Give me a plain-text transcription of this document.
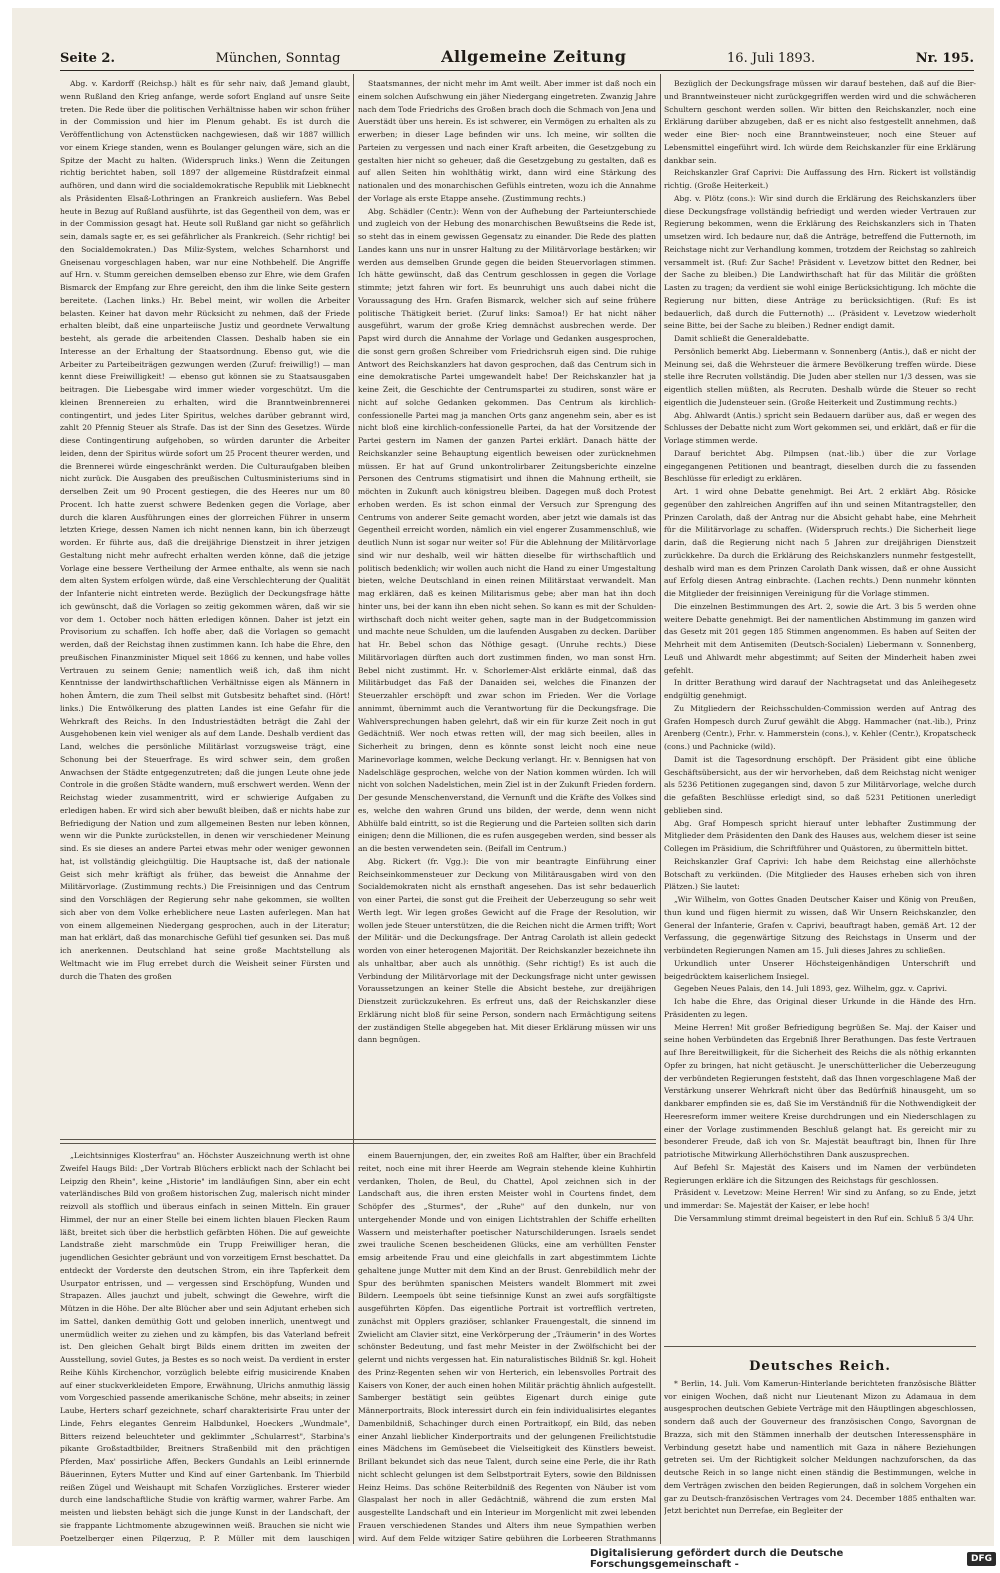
Seite 2.	München, Sonntag	Allgemeine Zeitung	16. Juli 1893.	Nr. 195.

Abg. v. Kardorff (Reichsp.) hält es für sehr naiv, daß Jemand glaubt, wenn Rußland den Krieg anfange, werde sofort England auf unsre Seite treten. Die Rede über die politischen Verhältnisse haben wir schon früher in der Commission und hier im Plenum gehabt. Es ist durch die Veröffentlichung von Actenstücken nachgewiesen, daß wir 1887 willlich vor einem Kriege standen, wenn es Boulanger gelungen wäre, sich an die Spitze der Macht zu halten. (Widerspruch links.) Wenn die Zeitungen richtig berichtet haben, soll 1897 der allgemeine Rüstdrafzeit einmal aufhören, und dann wird die socialdemokratische Republik mit Liebknecht als Präsidenten Elsaß-Lothringen an Frankreich ausliefern. Was Bebel heute in Bezug auf Rußland ausführte, ist das Gegentheil von dem, was er in der Commission gesagt hat. Heute soll Rußland gar nicht so gefährlich sein, damals sagte er, es sei gefährlicher als Frankreich. (Sehr richtig! bei den Socialdemokraten.) Das Miliz-System, welches Scharnhorst und Gneisenau vorgeschlagen haben, war nur eine Nothbehelf. Die Angriffe auf Hrn. v. Stumm gereichen demselben ebenso zur Ehre, wie dem Grafen Bismarck der Empfang zur Ehre gereicht, den ihm die linke Seite gestern bereitete. (Lachen links.) Hr. Bebel meint, wir wollen die Arbeiter belasten. Keiner hat davon mehr Rücksicht zu nehmen, daß der Friede erhalten bleibt, daß eine unparteiische Justiz und geordnete Verwaltung besteht, als gerade die arbeitenden Classen. Deshalb haben sie ein Interesse an der Erhaltung der Staatsordnung. Ebenso gut, wie die Arbeiter zu Parteibeiträgen gezwungen werden (Zuruf: freiwillig!) — man kennt diese Freiwilligkeit! — ebenso gut können sie zu Staatsausgaben beitragen. Die Liebesgabe wird immer wieder vorgeschützt. Um die kleinen Brennereien zu erhalten, wird die Branntweinbrennerei contingentirt, und jedes Liter Spiritus, welches darüber gebrannt wird, zahlt 20 Pfennig Steuer als Strafe. Das ist der Sinn des Gesetzes. Würde diese Contingentirung aufgehoben, so würden darunter die Arbeiter leiden, denn der Spiritus würde sofort um 25 Procent theurer werden, und die Brennerei würde eingeschränkt werden. Die Culturaufgaben bleiben nicht zurück. Die Ausgaben des preußischen Cultusministeriums sind in derselben Zeit um 90 Procent gestiegen, die des Heeres nur um 80 Procent. Ich hatte zuerst schwere Bedenken gegen die Vorlage, aber durch die klaren Ausführungen eines der glorreichen Führer in unserm letzten Kriege, dessen Namen ich nicht nennen kann, bin ich überzeugt worden. Er führte aus, daß die dreijährige Dienstzeit in ihrer jetzigen Gestaltung nicht mehr aufrecht erhalten werden könne, daß die jetzige Vorlage eine bessere Vertheilung der Armee enthalte, als wenn sie nach dem alten System erfolgen würde, daß eine Verschlechterung der Qualität der Infanterie nicht eintreten werde. Bezüglich der Deckungsfrage hätte ich gewünscht, daß die Vorlagen so zeitig gekommen wären, daß wir sie vor dem 1. October noch hätten erledigen können. Daher ist jetzt ein Provisorium zu schaffen. Ich hoffe aber, daß die Vorlagen so gemacht werden, daß der Reichstag ihnen zustimmen kann. Ich habe die Ehre, den preußischen Finanzminister Miquel seit 1866 zu kennen, und habe volles Vertrauen zu seinem Genie; namentlich weiß ich, daß ihm nicht Kenntnisse der landwirthschaftlichen Verhältnisse eigen als Männern in hohen Ämtern, die zum Theil selbst mit Gutsbesitz behaftet sind. (Hört! links.) Die Entwölkerung des platten Landes ist eine Gefahr für die Wehrkraft des Reichs. In den Industriestädten beträgt die Zahl der Ausgehobenen kein viel weniger als auf dem Lande. Deshalb verdient das Land, welches die persönliche Militärlast vorzugsweise trägt, eine Schonung bei der Steuerfrage. Es wird schwer sein, dem großen Anwachsen der Städte entgegenzutreten; daß die jungen Leute ohne jede Controle in die großen Städte wandern, muß erschwert werden. Wenn der Reichstag wieder zusammentritt, wird er schwierige Aufgaben zu erledigen haben. Er wird sich aber bewußt bleiben, daß er nichts habe zur Befriedigung der Nation und zum allgemeinen Besten nur leben können, wenn wir die Punkte zurückstellen, in denen wir verschiedener Meinung sind. Es sie dieses an andere Partei etwas mehr oder weniger gewonnen hat, ist vollständig gleichgültig. Die Hauptsache ist, daß der nationale Geist sich mehr kräftigt als früher, das beweist die Annahme der Militärvorlage. (Zustimmung rechts.) Die Freisinnigen und das Centrum sind den Vorschlägen der Regierung sehr nahe gekommen, sie wollten sich aber von dem Volke erheblichere neue Lasten auferlegen. Man hat von einem allgemeinen Niedergang gesprochen, auch in der Literatur; man hat erklärt, daß das monarchische Gefühl tief gesunken sei. Das muß ich anerkennen. Deutschland hat seine große Machtstellung als Weltmacht wie im Flug errebet durch die Weisheit seiner Fürsten und durch die Thaten des großen

Staatsmannes, der nicht mehr im Amt weilt. Aber immer ist daß noch ein einem solchen Aufschwung ein jäher Niedergang eingetreten. Zwanzig Jahre nach dem Tode Friedrichs des Großen brach doch die Schmach von Jena und Auerstädt über uns herein. Es ist schwerer, ein Vermögen zu erhalten als zu erwerben; in dieser Lage befinden wir uns. Ich meine, wir sollten die Parteien zu vergessen und nach einer Kraft arbeiten, die Gesetzgebung zu gestalten hier nicht so geheuer, daß die Gesetzgebung zu gestalten, daß es auf allen Seiten hin wohlthätig wirkt, dann wird eine Stärkung des nationalen und des monarchischen Gefühls eintreten, wozu ich die Annahme der Vorlage als erste Etappe ansehe. (Zustimmung rechts.)

Abg. Schädler (Centr.): Wenn von der Aufhebung der Parteiunterschiede und zugleich von der Hebung des monarchischen Bewußtseins die Rede ist, so steht das in einem gewissen Gegensatz zu einander. Die Rede des platten Landes kann uns nur in unsrer Haltung zu der Militärvorlage bestärken; wir werden aus demselben Grunde gegen die beiden Steuervorlagen stimmen. Ich hätte gewünscht, daß das Centrum geschlossen in gegen die Vorlage stimmte; jetzt fahren wir fort. Es beunruhigt uns auch dabei nicht die Voraussagung des Hrn. Grafen Bismarck, welcher sich auf seine frühere politische Thätigkeit beriet. (Zuruf links: Samoa!) Er hat nicht näher ausgeführt, warum der große Krieg demnächst ausbrechen werde. Der Papst wird durch die Annahme der Vorlage und Gedanken ausgesprochen, die sonst gern großen Schreiber vom Friedrichsruh eigen sind. Die ruhige Antwort des Reichskanzlers hat davon gesprochen, daß das Centrum sich in eine demokratische Partei umgewandelt habe! Der Reichskanzler hat ja keine Zeit, die Geschichte der Centrumspartei zu studiren, sonst wäre er nicht auf solche Gedanken gekommen. Das Centrum als kirchlich-confessionelle Partei mag ja manchen Orts ganz angenehm sein, aber es ist nicht bloß eine kirchlich-confessionelle Partei, da hat der Vorsitzende der Partei gestern im Namen der ganzen Partei erklärt. Danach hätte der Reichskanzler seine Behauptung eigentlich beweisen oder zurücknehmen müssen. Er hat auf Grund unkontrolirbarer Zeitungsberichte einzelne Personen des Centrums stigmatisirt und ihnen die Mahnung ertheilt, sie möchten in Zukunft auch königstreu bleiben. Dagegen muß doch Protest erhoben werden. Es ist schon einmal der Versuch zur Sprengung des Centrums von anderer Seite gemacht worden, aber jetzt wie damals ist das Gegentheil erreicht worden, nämlich ein viel engerer Zusammenschluß, wie deutlich Nunn ist sogar nur weiter so! Für die Ablehnung der Militärvorlage sind wir nur deshalb, weil wir hätten dieselbe für wirthschaftlich und politisch bedenklich; wir wollen auch nicht die Hand zu einer Umgestaltung bieten, welche Deutschland in einen reinen Militärstaat verwandelt. Man mag erklären, daß es keinen Militarismus gebe; aber man hat ihn doch hinter uns, bei der kann ihn eben nicht sehen. So kann es mit der Schulden-wirthschaft doch nicht weiter gehen, sagte man in der Budgetcommission und machte neue Schulden, um die laufenden Ausgaben zu decken. Darüber hat Hr. Bebel schon das Nöthige gesagt. (Unruhe rechts.) Diese Militärvorlagen dürften auch dort zustimmen finden, wo man sonst Hrn. Bebel nicht zustimmt. Hr. v. Schorlemer-Alst erklärte einmal, daß das Militärbudget das Faß der Danaiden sei, welches die Finanzen der Steuerzahler erschöpft und zwar schon im Frieden. Wer die Vorlage annimmt, übernimmt auch die Verantwortung für die Deckungsfrage. Die Wahlversprechungen haben gelehrt, daß wir ein für kurze Zeit noch in gut Gedächtniß. Wer noch etwas retten will, der mag sich beeilen, alles in Sicherheit zu bringen, denn es könnte sonst leicht noch eine neue Marinevorlage kommen, welche Deckung verlangt. Hr. v. Bennigsen hat von Nadelschläge gesprochen, welche von der Nation kommen würden. Ich will nicht von solchen Nadelstichen, mein Ziel ist in der Zukunft Frieden fordern. Der gesunde Menschenverstand, die Vernunft und die Kräfte des Volkes sind es, welche den wahren Grund uns bilden, der werde, denn wenn nicht Abhülfe bald eintritt, so ist die Regierung und die Parteien sollten sich darin einigen; denn die Millionen, die es rufen ausgegeben werden, sind besser als an die besten verwendeten sein. (Beifall im Centrum.)

Abg. Rickert (fr. Vgg.): Die von mir beantragte Einführung einer Reichseinkommensteuer zur Deckung von Militärausgaben wird von den Socialdemokraten nicht als ernsthaft angesehen. Das ist sehr bedauerlich von einer Partei, die sonst gut die Freiheit der Ueberzeugung so sehr weit Werth legt. Wir legen großes Gewicht auf die Frage der Resolution, wir wollen jede Steuer unterstützen, die die Reichen nicht die Armen trifft; Wort der Militär- und die Deckungsfrage. Der Antrag Carolath ist allein gedeckt worden von einer heterogenen Majorität. Der Reichskanzler bezeichnete ihn als unhaltbar, aber auch als unnöthig. (Sehr richtig!) Es ist auch die Verbindung der Militärvorlage mit der Deckungsfrage nicht unter gewissen Voraussetzungen an keiner Stelle die Absicht bestehe, zur dreijährigen Dienstzeit zurückzukehren. Es erfreut uns, daß der Reichskanzler diese Erklärung nicht bloß für seine Person, sondern nach Ermächtigung seitens der zuständigen Stelle abgegeben hat. Mit dieser Erklärung müssen wir uns dann begnügen.

Bezüglich der Deckungsfrage müssen wir darauf bestehen, daß auf die Bier- und Branntweinsteuer nicht zurückgegriffen werden wird und die schwächeren Schultern geschont werden sollen. Wir bitten den Reichskanzler, noch eine Erklärung darüber abzugeben, daß er es nicht also festgestellt annehmen, daß weder eine Bier- noch eine Branntweinsteuer, noch eine Steuer auf Lebensmittel eingeführt wird. Ich würde dem Reichskanzler für eine Erklärung dankbar sein.

Reichskanzler Graf Caprivi: Die Auffassung des Hrn. Rickert ist vollständig richtig. (Große Heiterkeit.)

Abg. v. Plötz (cons.): Wir sind durch die Erklärung des Reichskanzlers über diese Deckungsfrage vollständig befriedigt und werden wieder Vertrauen zur Regierung bekommen, wenn die Erklärung des Reichskanzlers sich in Thaten umsetzen wird. Ich bedaure nur, daß die Anträge, betreffend die Futternoth, im Reichstage nicht zur Verhandlung kommen, trotzdem der Reichstag so zahlreich versammelt ist. (Ruf: Zur Sache! Präsident v. Levetzow bittet den Redner, bei der Sache zu bleiben.) Die Landwirthschaft hat für das Militär die größten Lasten zu tragen; da verdient sie wohl einige Berücksichtigung. Ich möchte die Regierung nur bitten, diese Anträge zu berücksichtigen. (Ruf: Es ist bedauerlich, daß durch die Futternoth) ... (Präsident v. Levetzow wiederholt seine Bitte, bei der Sache zu bleiben.) Redner endigt damit.

Damit schließt die Generaldebatte.

Persönlich bemerkt Abg. Liebermann v. Sonnenberg (Antis.), daß er nicht der Meinung sei, daß die Wehrsteuer die ärmere Bevölkerung treffen würde. Diese stelle ihre Recruten vollständig. Die Juden aber stellen nur 1/3 dessen, was sie eigentlich stellen müßten, als Recruten. Deshalb würde die Steuer so recht eigentlich die Judensteuer sein. (Große Heiterkeit und Zustimmung rechts.)

Abg. Ahlwardt (Antis.) spricht sein Bedauern darüber aus, daß er wegen des Schlusses der Debatte nicht zum Wort gekommen sei, und erklärt, daß er für die Vorlage stimmen werde.

Darauf berichtet Abg. Pilmpsen (nat.-lib.) über die zur Vorlage eingegangenen Petitionen und beantragt, dieselben durch die zu fassenden Beschlüsse für erledigt zu erklären.

Art. 1 wird ohne Debatte genehmigt. Bei Art. 2 erklärt Abg. Rösicke gegenüber den zahlreichen Angriffen auf ihn und seinen Mitantragsteller, den Prinzen Carolath, daß der Antrag nur die Absicht gehabt habe, eine Mehrheit für die Militärvorlage zu schaffen. (Widerspruch rechts.) Die Sicherheit liege darin, daß die Regierung nicht nach 5 Jahren zur dreijährigen Dienstzeit zurückkehre. Da durch die Erklärung des Reichskanzlers nunmehr festgestellt, deshalb wird man es dem Prinzen Carolath Dank wissen, daß er ohne Aussicht auf Erfolg diesen Antrag einbrachte. (Lachen rechts.) Denn nunmehr könnten die Mitglieder der freisinnigen Vereinigung für die Vorlage stimmen.

Die einzelnen Bestimmungen des Art. 2, sowie die Art. 3 bis 5 werden ohne weitere Debatte genehmigt. Bei der namentlichen Abstimmung im ganzen wird das Gesetz mit 201 gegen 185 Stimmen angenommen. Es haben auf Seiten der Mehrheit mit dem Antisemiten (Deutsch-Socialen) Liebermann v. Sonnenberg, Leuß und Ahlwardt mehr abgestimmt; auf Seiten der Minderheit haben zwei gefehlt.

In dritter Berathung wird darauf der Nachtragsetat und das Anleihegesetz endgültig genehmigt.

Zu Mitgliedern der Reichsschulden-Commission werden auf Antrag des Grafen Hompesch durch Zuruf gewählt die Abgg. Hammacher (nat.-lib.), Prinz Arenberg (Centr.), Frhr. v. Hammerstein (cons.), v. Kehler (Centr.), Kropatscheck (cons.) und Pachnicke (wild).

Damit ist die Tagesordnung erschöpft. Der Präsident gibt eine übliche Geschäftsübersicht, aus der wir hervorheben, daß dem Reichstag nicht weniger als 5236 Petitionen zugegangen sind, davon 5 zur Militärvorlage, welche durch die gefaßten Beschlüsse erledigt sind, so daß 5231 Petitionen unerledigt geblieben sind.

Abg. Graf Hompesch spricht hierauf unter lebhafter Zustimmung der Mitglieder dem Präsidenten den Dank des Hauses aus, welchem dieser ist seine Collegen im Präsidium, die Schriftführer und Quästoren, zu übermitteln bittet.

Reichskanzler Graf Caprivi: Ich habe dem Reichstag eine allerhöchste Botschaft zu verkünden. (Die Mitglieder des Hauses erheben sich von ihren Plätzen.) Sie lautet:

„Wir Wilhelm, von Gottes Gnaden Deutscher Kaiser und König von Preußen, thun kund und fügen hiermit zu wissen, daß Wir Unsern Reichskanzler, den General der Infanterie, Grafen v. Caprivi, beauftragt haben, gemäß Art. 12 der Verfassung, die gegenwärtige Sitzung des Reichstags in Unserm und der verbündeten Regierungen Namen am 15. Juli dieses Jahres zu schließen.

Urkundlich unter Unserer Höchsteigenhändigen Unterschrift und beigedrücktem kaiserlichem Insiegel.

Gegeben Neues Palais, den 14. Juli 1893, gez. Wilhelm, ggz. v. Caprivi.

Ich habe die Ehre, das Original dieser Urkunde in die Hände des Hrn. Präsidenten zu legen.

Meine Herren! Mit großer Befriedigung begrüßen Se. Maj. der Kaiser und seine hohen Verbündeten das Ergebniß Ihrer Berathungen. Das feste Vertrauen auf Ihre Bereitwilligkeit, für die Sicherheit des Reichs die als nöthig erkannten Opfer zu bringen, hat nicht getäuscht. Je unerschütterlicher die Ueberzeugung der verbündeten Regierungen feststeht, daß das Ihnen vorgeschlagene Maß der Verstärkung unserer Wehrkraft nicht über das Bedürfniß hinausgeht, um so dankbarer empfinden sie es, daß Sie im Verständniß für die Nothwendigkeit der Heeresreform immer weitere Kreise durchdrungen und ein Niederschlagen zu einer der Vorlage zustimmenden Beschluß gelangt hat. Es gereicht mir zu besonderer Freude, daß ich von Sr. Majestät beauftragt bin, Ihnen für Ihre patriotische Mitwirkung Allerhöchstihren Dank auszusprechen.

Auf Befehl Sr. Majestät des Kaisers und im Namen der verbündeten Regierungen erkläre ich die Sitzungen des Reichstags für geschlossen.

Präsident v. Levetzow: Meine Herren! Wir sind zu Anfang, so zu Ende, jetzt und immerdar: Se. Majestät der Kaiser, er lebe hoch!

Die Versammlung stimmt dreimal begeistert in den Ruf ein. Schluß 5 3/4 Uhr.

„Leichtsinniges Klosterfrau" an. Höchster Auszeichnung werth ist ohne Zweifel Haugs Bild: „Der Vortrab Blüchers erblickt nach der Schlacht bei Leipzig den Rhein", keine „Historie" im landläufigen Sinn, aber ein echt vaterländisches Bild von großem historischen Zug, malerisch nicht minder reizvoll als stofflich und überaus einfach in seinen Mitteln. Ein grauer Himmel, der nur an einer Stelle bei einem lichten blauen Flecken Raum läßt, breitet sich über die herbstlich gefärbten Höhen. Die auf geweichte Landstraße zieht marschmüde ein Trupp Freiwilliger heran, die jugendlichen Gesichter gebräunt und von vorzeitigem Ernst beschattet. Da entdeckt der Vorderste den deutschen Strom, ein ihre Tapferkeit dem Usurpator entrissen, und — vergessen sind Erschöpfung, Wunden und Strapazen. Alles jauchzt und jubelt, schwingt die Gewehre, wirft die Mützen in die Höhe. Der alte Blücher aber und sein Adjutant erheben sich im Sattel, danken demüthig Gott und geloben innerlich, unentwegt und unermüdlich weiter zu ziehen und zu kämpfen, bis das Vaterland befreit ist. Den gleichen Gehalt birgt Bilds einem dritten im zweiten der Ausstellung, soviel Gutes, ja Bestes es so noch weist. Da verdient in erster Reihe Kühls Kirchenchor, vorzüglich belebte eifrig musicirende Knaben auf einer stuckverkleideten Empore, Erwähnung, Ulrichs anmuthig lässig vom Vorgeschied passende amerikanische Schöne, mehr abseits; in zeiner Laube, Herters scharf gezeichnete, scharf charakterisirte Frau unter der Linde, Fehrs elegantes Genreim Halbdunkel, Hoeckers „Wundmale", Bitters reizend beleuchteter und geklimmter „Schularrest", Starbina's pikante Großstadtbilder, Breitners Straßenbild mit den prächtigen Pferden, Max' possirliche Affen, Beckers Gundahls an Leibl erinnernde Bäuerinnen, Eyters Mutter und Kind auf einer Gartenbank. Im Thierbild reißen Zügel und Weishaupt mit Schafen Vorzügliches. Ersterer wieder durch eine landschaftliche Studie von kräftig warmer, wahrer Farbe. Am meisten und liebsten behägt sich die junge Kunst in der Landschaft, der sie frappante Lichtmomente abzugewinnen weiß. Brauchen sie nicht wie Poetzelberger einen Pilgerzug, P. P. Müller mit dem lauschigen

einem Bauernjungen, der, ein zweites Roß am Halfter, über ein Brachfeld reitet, noch eine mit ihrer Heerde am Wegrain stehende kleine Kuhhirtin verdanken, Tholen, de Beul, du Chattel, Apol zeichnen sich in der Landschaft aus, die ihren ersten Meister wohl in Courtens findet, dem Schöpfer des „Sturmes", der „Ruhe" auf den dunkeln, nur von untergehender Monde und von einigen Lichtstrahlen der Schiffe erhellten Wassern und meisterhafter poetischer Naturschilderungen. Israels sendet zwei trauliche Scenen bescheidenen Glücks, eine am verhüllten Fenster emsig arbeitende Frau und eine gleichfalls in zart abgestimmtem Lichte gehaltene junge Mutter mit dem Kind an der Brust. Genrebildlich mehr der Spur des berühmten spanischen Meisters wandelt Blommert mit zwei Bildern. Leempoels übt seine tiefsinnige Kunst an zwei aufs sorgfältigste ausgeführten Köpfen. Das eigentliche Portrait ist vortrefflich vertreten, zunächst mit Opplers graziöser, schlanker Frauengestalt, die sinnend im Zwielicht am Clavier sitzt, eine Verkörperung der „Träumerin" in des Wortes schönster Bedeutung, und fast mehr Meister in der Zwölfschicht bei der gelernt und nichts vergessen hat. Ein naturalistisches Bildniß Sr. kgl. Hoheit des Prinz-Regenten sehen wir von Herterich, ein lebensvolles Portrait des Kaisers von Koner, der auch einen hohen Militär prächtig ähnlich aufgestellt. Samberger bestätigt sein geübtes Eigenart durch einige gute Männerportraits, Block interessirt durch ein fein individualisirtes elegantes Damenbildniß, Schachinger durch einen Portraitkopf, ein Bild, das neben einer Anzahl lieblicher Kinderportraits und der gelungenen Freilichtstudie eines Mädchens im Gemüsebeet die Vielseitigkeit des Künstlers beweist. Brillant bekundet sich das neue Talent, durch seine eine Perle, die ihr Rath nicht schlecht gelungen ist dem Selbstportrait Eyters, sowie den Bildnissen Heinz Heims. Das schöne Reiterbildniß des Regenten von Näuber ist vom Glaspalast her noch in aller Gedächtniß, während die zum ersten Mal ausgestellte Landschaft und ein Interieur im Morgenlicht mit zwei lebenden Frauen verschiedenen Standes und Alters ihm neue Sympathien werben wird. Auf dem Felde witziger Satire gebühren die Lorbeeren Strathmanns

Deutsches Reich.

* Berlin, 14. Juli. Vom Kamerun-Hinterlande berichteten französische Blätter vor einigen Wochen, daß nicht nur Lieutenant Mizon zu Adamaua in dem ausgesprochen deutschen Gebiete Verträge mit den Häuptlingen abgeschlossen, sondern daß auch der Gouverneur des französischen Congo, Savorgnan de Brazza, sich mit den Stämmen innerhalb der deutschen Interessensphäre in Verbindung gesetzt habe und namentlich mit Gaza in nähere Beziehungen getreten sei. Um der Richtigkeit solcher Meldungen nachzuforschen, da das deutsche Reich in so lange nicht einen ständig die Bestimmungen, welche in dem Verträgen zwischen den beiden Regierungen, daß in solchem Vorgehen ein gar zu Deutsch-französischen Vertrages vom 24. December 1885 enthalten war. Jetzt berichtet nun Derrefae, ein Begleiter der

Digitalisierung gefördert durch die Deutsche Forschungsgemeinschaft -	DFG
